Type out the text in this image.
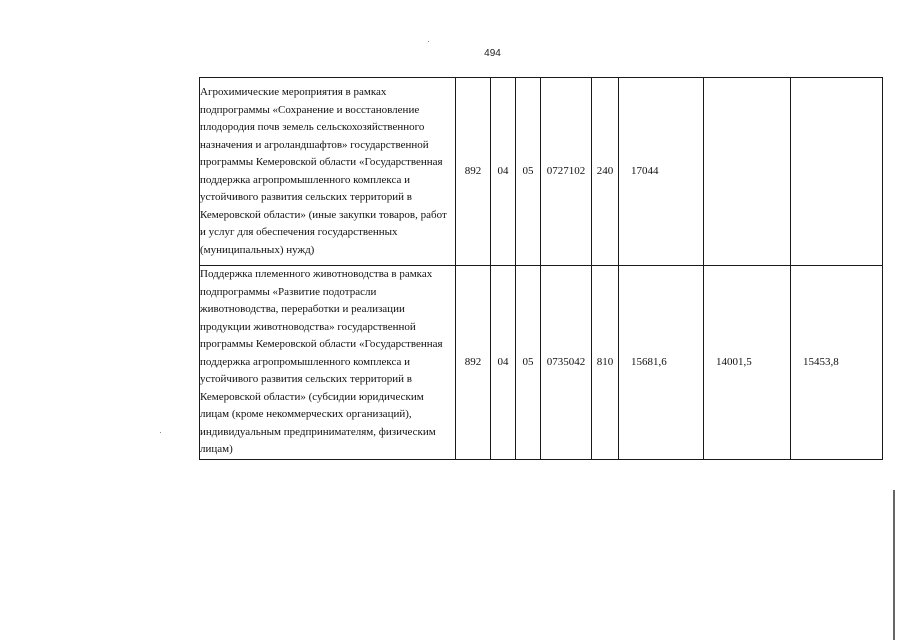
494
Агрохимические мероприятия в рамках подпрограммы «Сохранение и восстановление плодородия почв земель сельскохозяйственного назначения и агроландшафтов» государственной программы Кемеровской области «Государственная поддержка агропромышленного комплекса и устойчивого развития сельских территорий в Кемеровской области» (иные закупки товаров, работ и услуг для обеспечения государственных (муниципальных) нужд)	892	04	05	0727102	240	17044		
Поддержка племенного животноводства в рамках подпрограммы «Развитие подотрасли животноводства, переработки и реализации продукции животноводства» государственной программы Кемеровской области «Государственная поддержка агропромышленного комплекса и устойчивого развития сельских территорий в Кемеровской области» (субсидии юридическим лицам (кроме некоммерческих организаций), индивидуальным предпринимателям, физическим лицам)	892	04	05	0735042	810	15681,6	14001,5	15453,8
